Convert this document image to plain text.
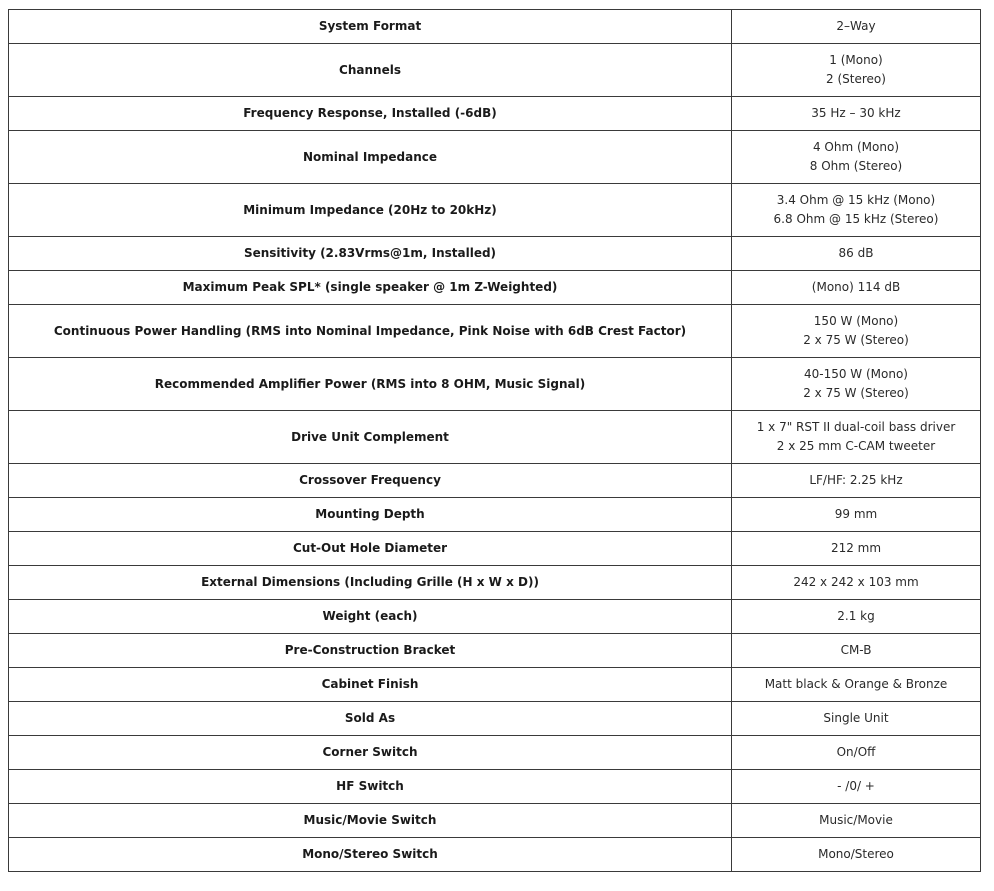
System Format	2–Way

Channels	1 (Mono)
2 (Stereo)

Frequency Response, Installed (-6dB)	35 Hz – 30 kHz

Nominal Impedance	4 Ohm (Mono)
8 Ohm (Stereo)

Minimum Impedance (20Hz to 20kHz)	3.4 Ohm @ 15 kHz (Mono)
6.8 Ohm @ 15 kHz (Stereo)

Sensitivity (2.83Vrms@1m, Installed)	86 dB

Maximum Peak SPL* (single speaker @ 1m Z-Weighted)	(Mono) 114 dB

Continuous Power Handling (RMS into Nominal Impedance, Pink Noise with 6dB Crest Factor)	150 W (Mono)
2 x 75 W (Stereo)

Recommended Amplifier Power (RMS into 8 OHM, Music Signal)	40-150 W (Mono)
2 x 75 W (Stereo)

Drive Unit Complement	1 x 7" RST II dual-coil bass driver
2 x 25 mm C-CAM tweeter

Crossover Frequency	LF/HF: 2.25 kHz

Mounting Depth	99 mm

Cut-Out Hole Diameter	212 mm

External Dimensions (Including Grille (H x W x D))	242 x 242 x 103 mm

Weight (each)	2.1 kg

Pre-Construction Bracket	CM-B

Cabinet Finish	Matt black & Orange & Bronze

Sold As	Single Unit

Corner Switch	On/Off

HF Switch	- /0/ +

Music/Movie Switch	Music/Movie

Mono/Stereo Switch	Mono/Stereo
